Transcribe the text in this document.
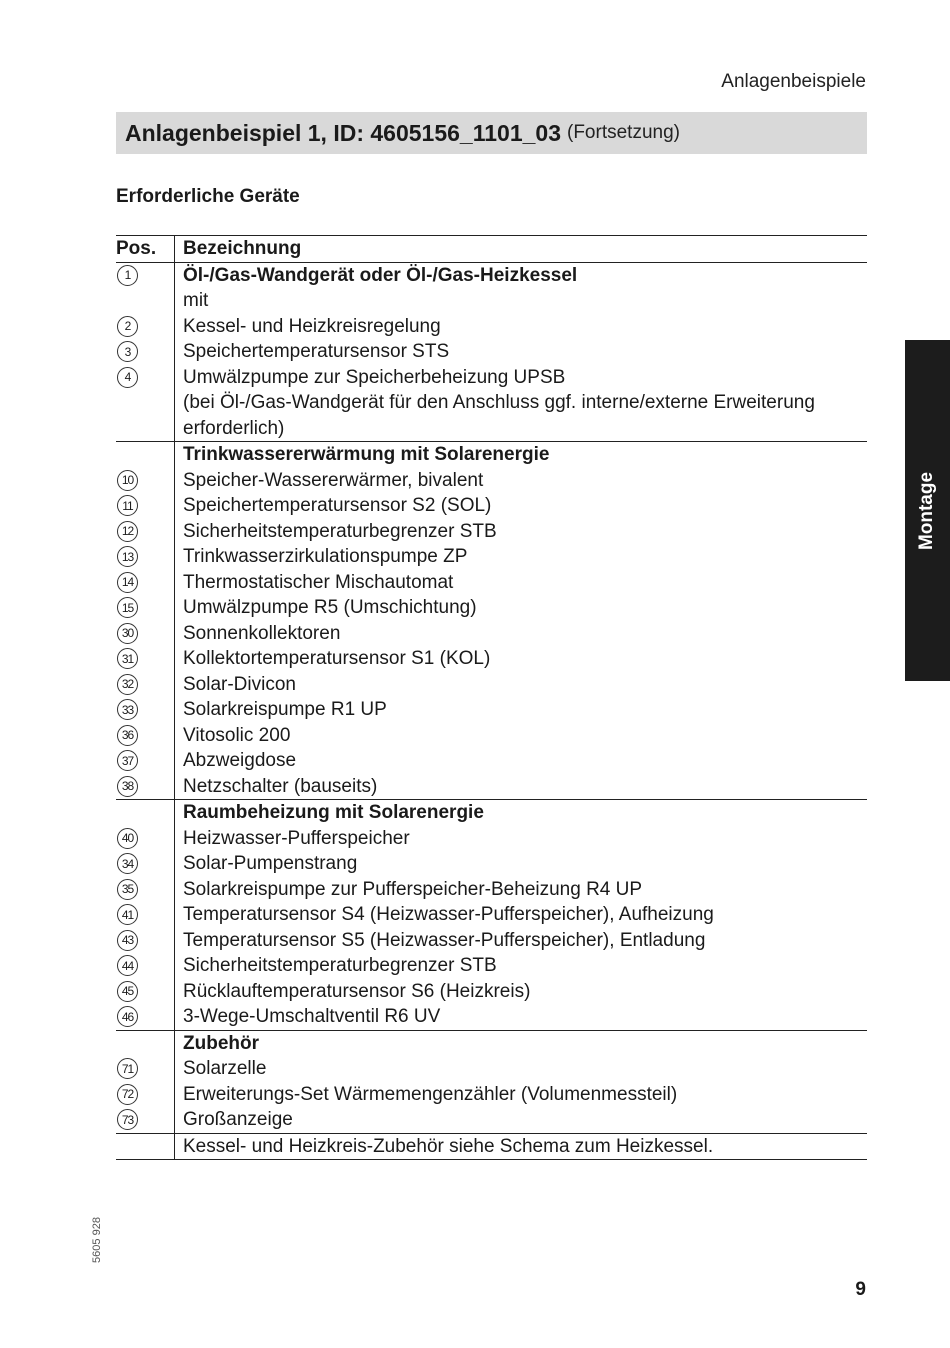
Anlagenbeispiele
Anlagenbeispiel 1, ID: 4605156_1101_03 (Fortsetzung)
Erforderliche Geräte
Pos.	Bezeichnung
1	Öl-/Gas-Wandgerät oder Öl-/Gas-Heizkessel
mit
2	Kessel- und Heizkreisregelung
3	Speichertemperatursensor STS
4	Umwälzpumpe zur Speicherbeheizung UPSB
(bei Öl-/Gas-Wandgerät für den Anschluss ggf. interne/externe Erweiterung
erforderlich)
Trinkwassererwärmung mit Solarenergie
10	Speicher-Wassererwärmer, bivalent
11	Speichertemperatursensor S2 (SOL)
12	Sicherheitstemperaturbegrenzer STB
13	Trinkwasserzirkulationspumpe ZP
14	Thermostatischer Mischautomat
15	Umwälzpumpe R5 (Umschichtung)
30	Sonnenkollektoren
31	Kollektortemperatursensor S1 (KOL)
32	Solar-Divicon
33	Solarkreispumpe R1 UP
36	Vitosolic 200
37	Abzweigdose
38	Netzschalter (bauseits)
Raumbeheizung mit Solarenergie
40	Heizwasser-Pufferspeicher
34	Solar-Pumpenstrang
35	Solarkreispumpe zur Pufferspeicher-Beheizung R4 UP
41	Temperatursensor S4 (Heizwasser-Pufferspeicher), Aufheizung
43	Temperatursensor S5 (Heizwasser-Pufferspeicher), Entladung
44	Sicherheitstemperaturbegrenzer STB
45	Rücklauftemperatursensor S6 (Heizkreis)
46	3-Wege-Umschaltventil R6 UV
Zubehör
71	Solarzelle
72	Erweiterungs-Set Wärmemengenzähler (Volumenmessteil)
73	Großanzeige
Kessel- und Heizkreis-Zubehör siehe Schema zum Heizkessel.
Montage
5605 928
9
